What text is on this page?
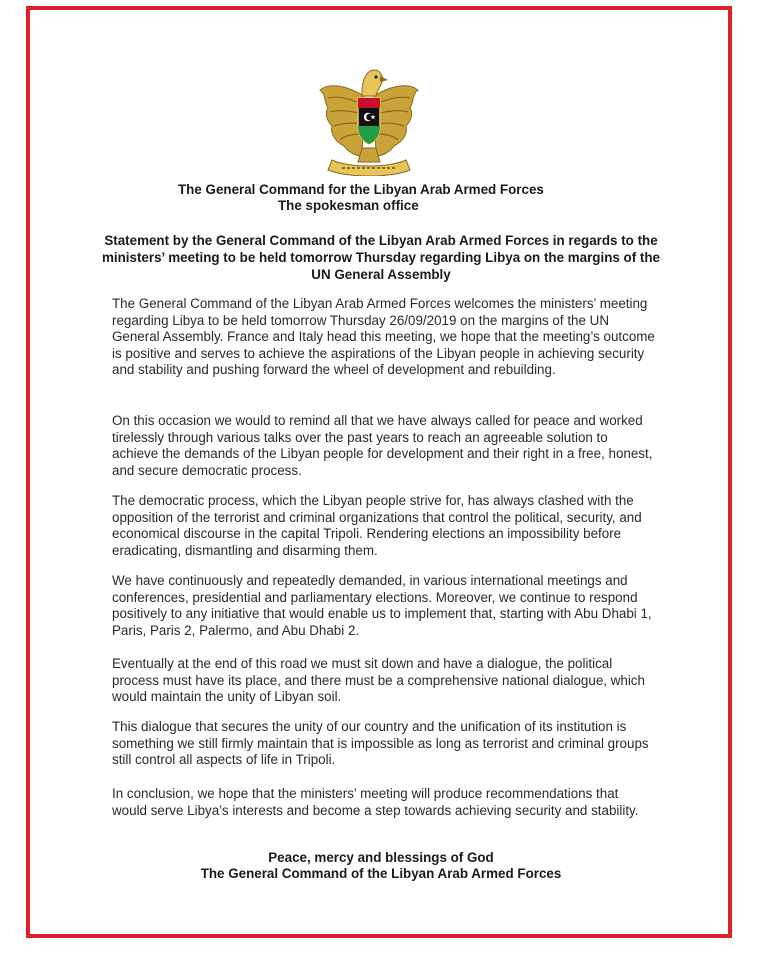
The General Command for the Libyan Arab Armed Forces
The spokesman office
Statement by the General Command of the Libyan Arab Armed Forces in regards to the ministers’ meeting to be held tomorrow Thursday regarding Libya on the margins of the UN General Assembly

The General Command of the Libyan Arab Armed Forces welcomes the ministers’ meeting regarding Libya to be held tomorrow Thursday 26/09/2019 on the margins of the UN General Assembly. France and Italy head this meeting, we hope that the meeting’s outcome is positive and serves to achieve the aspirations of the Libyan people in achieving security and stability and pushing forward the wheel of development and rebuilding.

On this occasion we would to remind all that we have always called for peace and worked tirelessly through various talks over the past years to reach an agreeable solution to achieve the demands of the Libyan people for development and their right in a free, honest, and secure democratic process.

The democratic process, which the Libyan people strive for, has always clashed with the opposition of the terrorist and criminal organizations that control the political, security, and economical discourse in the capital Tripoli. Rendering elections an impossibility before eradicating, dismantling and disarming them.

We have continuously and repeatedly demanded, in various international meetings and conferences, presidential and parliamentary elections. Moreover, we continue to respond positively to any initiative that would enable us to implement that, starting with Abu Dhabi 1, Paris, Paris 2, Palermo, and Abu Dhabi 2.

Eventually at the end of this road we must sit down and have a dialogue, the political process must have its place, and there must be a comprehensive national dialogue, which would maintain the unity of Libyan soil.

This dialogue that secures the unity of our country and the unification of its institution is something we still firmly maintain that is impossible as long as terrorist and criminal groups still control all aspects of life in Tripoli.

In conclusion, we hope that the ministers’ meeting will produce recommendations that would serve Libya’s interests and become a step towards achieving security and stability.

Peace, mercy and blessings of God
The General Command of the Libyan Arab Armed Forces
